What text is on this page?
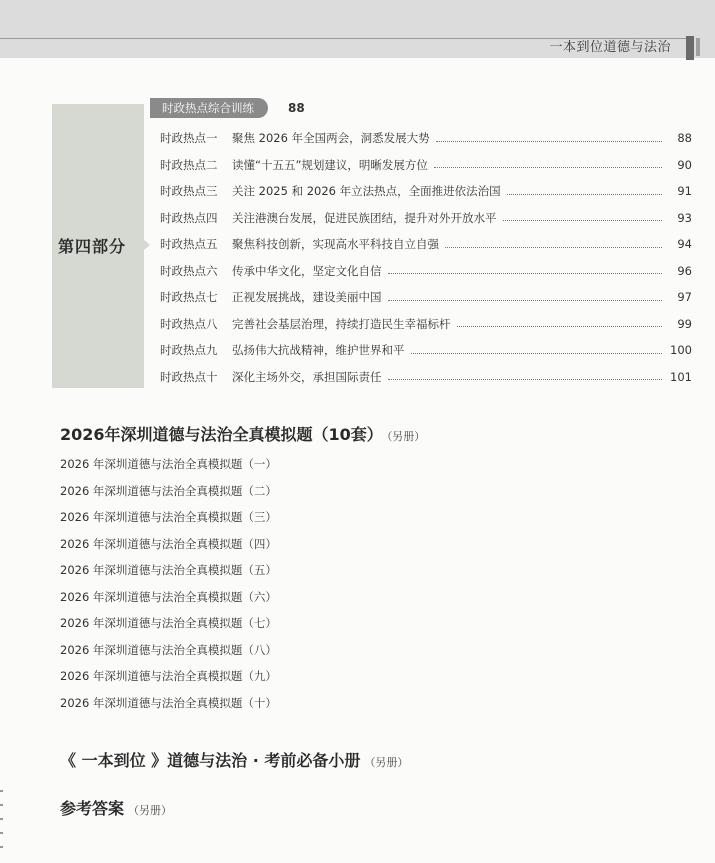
一本到位道德与法治
第四部分
时政热点综合训练	88
时政热点一	聚焦 2026 年全国两会，洞悉发展大势	88
时政热点二	读懂“十五五”规划建议，明晰发展方位	90
时政热点三	关注 2025 和 2026 年立法热点，全面推进依法治国	91
时政热点四	关注港澳台发展，促进民族团结，提升对外开放水平	93
时政热点五	聚焦科技创新，实现高水平科技自立自强	94
时政热点六	传承中华文化，坚定文化自信	96
时政热点七	正视发展挑战，建设美丽中国	97
时政热点八	完善社会基层治理，持续打造民生幸福标杆	99
时政热点九	弘扬伟大抗战精神，维护世界和平	100
时政热点十	深化主场外交，承担国际责任	101
2026年深圳道德与法治全真模拟题（10套） （另册）
2026 年深圳道德与法治全真模拟题（一）
2026 年深圳道德与法治全真模拟题（二）
2026 年深圳道德与法治全真模拟题（三）
2026 年深圳道德与法治全真模拟题（四）
2026 年深圳道德与法治全真模拟题（五）
2026 年深圳道德与法治全真模拟题（六）
2026 年深圳道德与法治全真模拟题（七）
2026 年深圳道德与法治全真模拟题（八）
2026 年深圳道德与法治全真模拟题（九）
2026 年深圳道德与法治全真模拟题（十）
《 一本到位 》道德与法治 · 考前必备小册 （另册）
参考答案 （另册）
